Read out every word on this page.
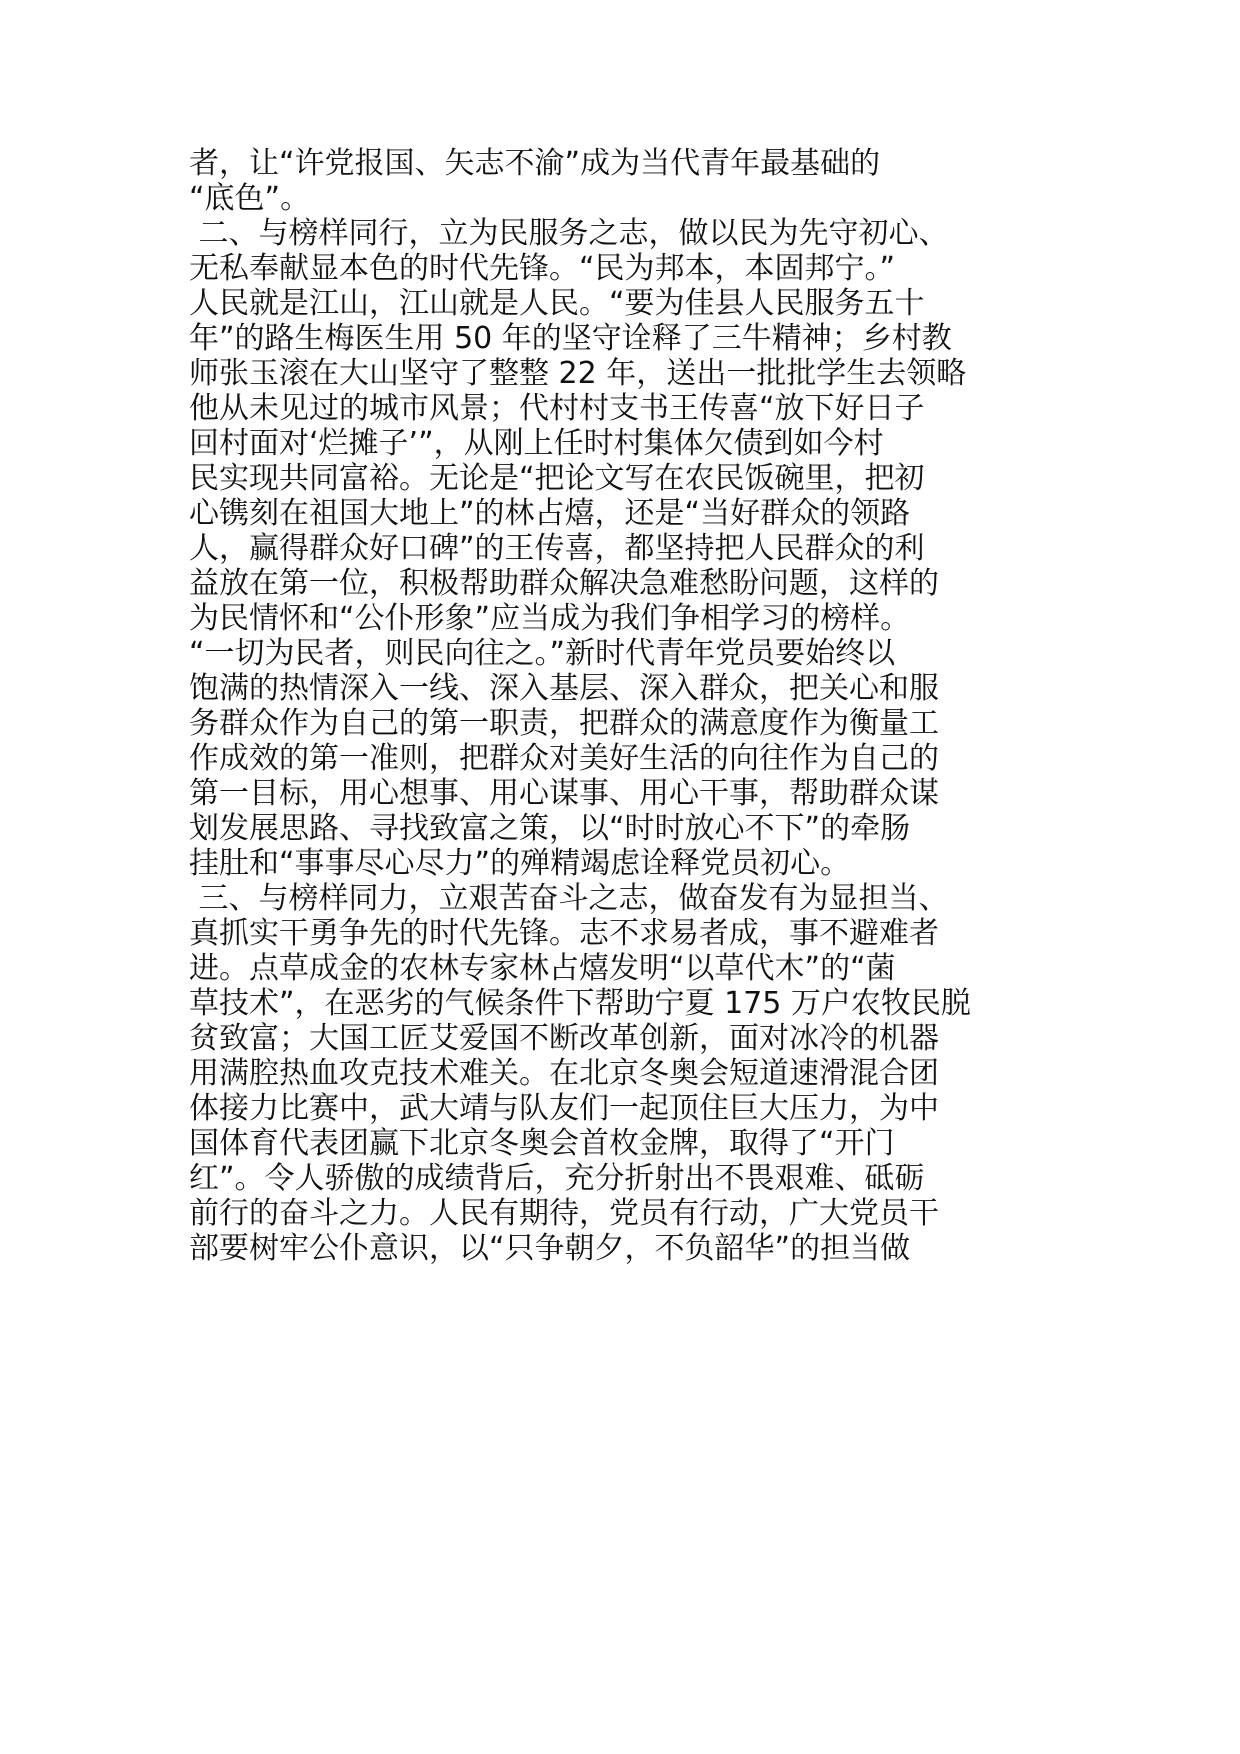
者，让“许党报国、矢志不渝”成为当代青年最基础的
“底色”。
二、与榜样同行，立为民服务之志，做以民为先守初心、
无私奉献显本色的时代先锋。“民为邦本，本固邦宁。”
人民就是江山，江山就是人民。“要为佳县人民服务五十
年”的路生梅医生用 50 年的坚守诠释了三牛精神；乡村教
师张玉滚在大山坚守了整整 22 年，送出一批批学生去领略
他从未见过的城市风景；代村村支书王传喜“放下好日子
回村面对‘烂摊子’”，从刚上任时村集体欠债到如今村
民实现共同富裕。无论是“把论文写在农民饭碗里，把初
心镌刻在祖国大地上”的林占熺，还是“当好群众的领路
人，赢得群众好口碑”的王传喜，都坚持把人民群众的利
益放在第一位，积极帮助群众解决急难愁盼问题，这样的
为民情怀和“公仆形象”应当成为我们争相学习的榜样。
“一切为民者，则民向往之。”新时代青年党员要始终以
饱满的热情深入一线、深入基层、深入群众，把关心和服
务群众作为自己的第一职责，把群众的满意度作为衡量工
作成效的第一准则，把群众对美好生活的向往作为自己的
第一目标，用心想事、用心谋事、用心干事，帮助群众谋
划发展思路、寻找致富之策，以“时时放心不下”的牵肠
挂肚和“事事尽心尽力”的殚精竭虑诠释党员初心。
三、与榜样同力，立艰苦奋斗之志，做奋发有为显担当、
真抓实干勇争先的时代先锋。志不求易者成，事不避难者
进。点草成金的农林专家林占熺发明“以草代木”的“菌
草技术”，在恶劣的气候条件下帮助宁夏 175 万户农牧民脱
贫致富；大国工匠艾爱国不断改革创新，面对冰冷的机器
用满腔热血攻克技术难关。在北京冬奥会短道速滑混合团
体接力比赛中，武大靖与队友们一起顶住巨大压力，为中
国体育代表团赢下北京冬奥会首枚金牌，取得了“开门
红”。令人骄傲的成绩背后，充分折射出不畏艰难、砥砺
前行的奋斗之力。人民有期待，党员有行动，广大党员干
部要树牢公仆意识，以“只争朝夕，不负韶华”的担当做
